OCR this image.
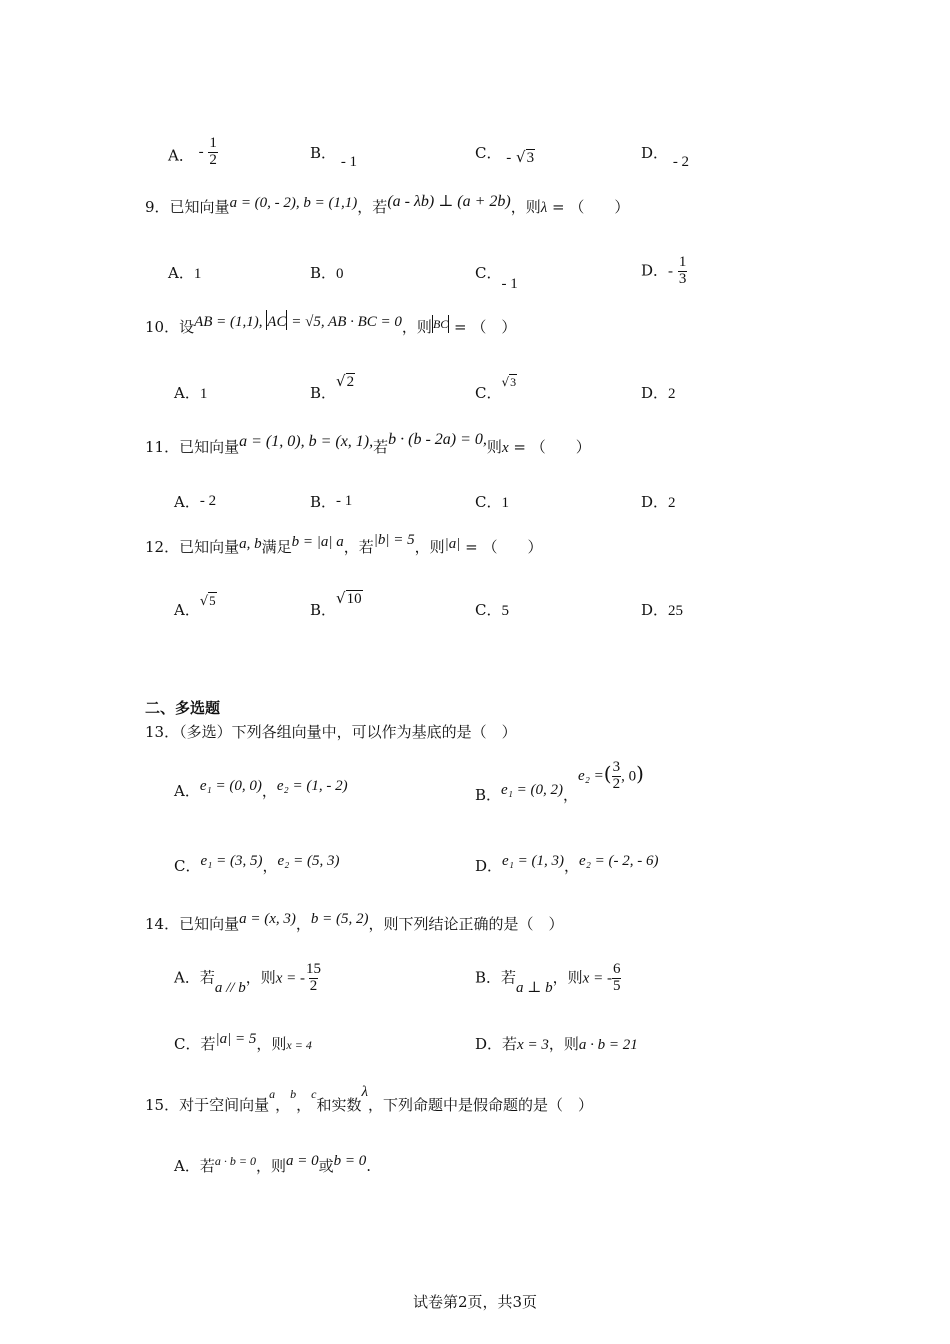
A． - $\frac{1}{2}$	B． - 1	C． - √3	D． - 2
9．已知向量a = (0, - 2), b = (1,1)，若(a - λb) ⊥ (a + 2b)，则λ = （　　）
A．1	B．0	C．- 1
D．- $\frac{1}{3}$
10．设AB = (1,1), AC = √5, AB · BC = 0，则$^{BC}$ = （　）
A．1	B．√2
C．√3
D．2
11．已知向量a = (1, 0), b = (x, 1),若b · (b - 2a) = 0,则x = （　　）
A．- 2	B．- 1	C．1	D．2
12．已知向量a, b满足b = |a| a，若|b| = 5，则|a| = （　　）
A．√5
B．√10
C．5	D．25
二、多选题
13．（多选）下列各组向量中，可以作为基底的是（　）
A．e₁ = (0, 0)，e₂ = (1, - 2)
B．e₁ = (0, 2)，e₂ =( $\frac{3}{2}$ , 0)
C．e₁ = (3, 5)，e₂ = (5, 3)	D．e₁ = (1, 3)，e₂ = (- 2, - 6)
14．已知向量a = (x, 3)，b = (5, 2)，则下列结论正确的是（　）
A．若a // b，则x = - $\frac{15}{2}$	B．若a ⊥ b，则x = - $\frac{6}{5}$
C．若|a| = 5，则x = 4	D．若x = 3，则a · b = 21
15．对于空间向量$^a$，$^b$，$^c$和实数λ，下列命题中是假命题的是（　）
A．若$^{a \cdot b = 0}$，则a = 0或b = 0.
试卷第2页，共3页
